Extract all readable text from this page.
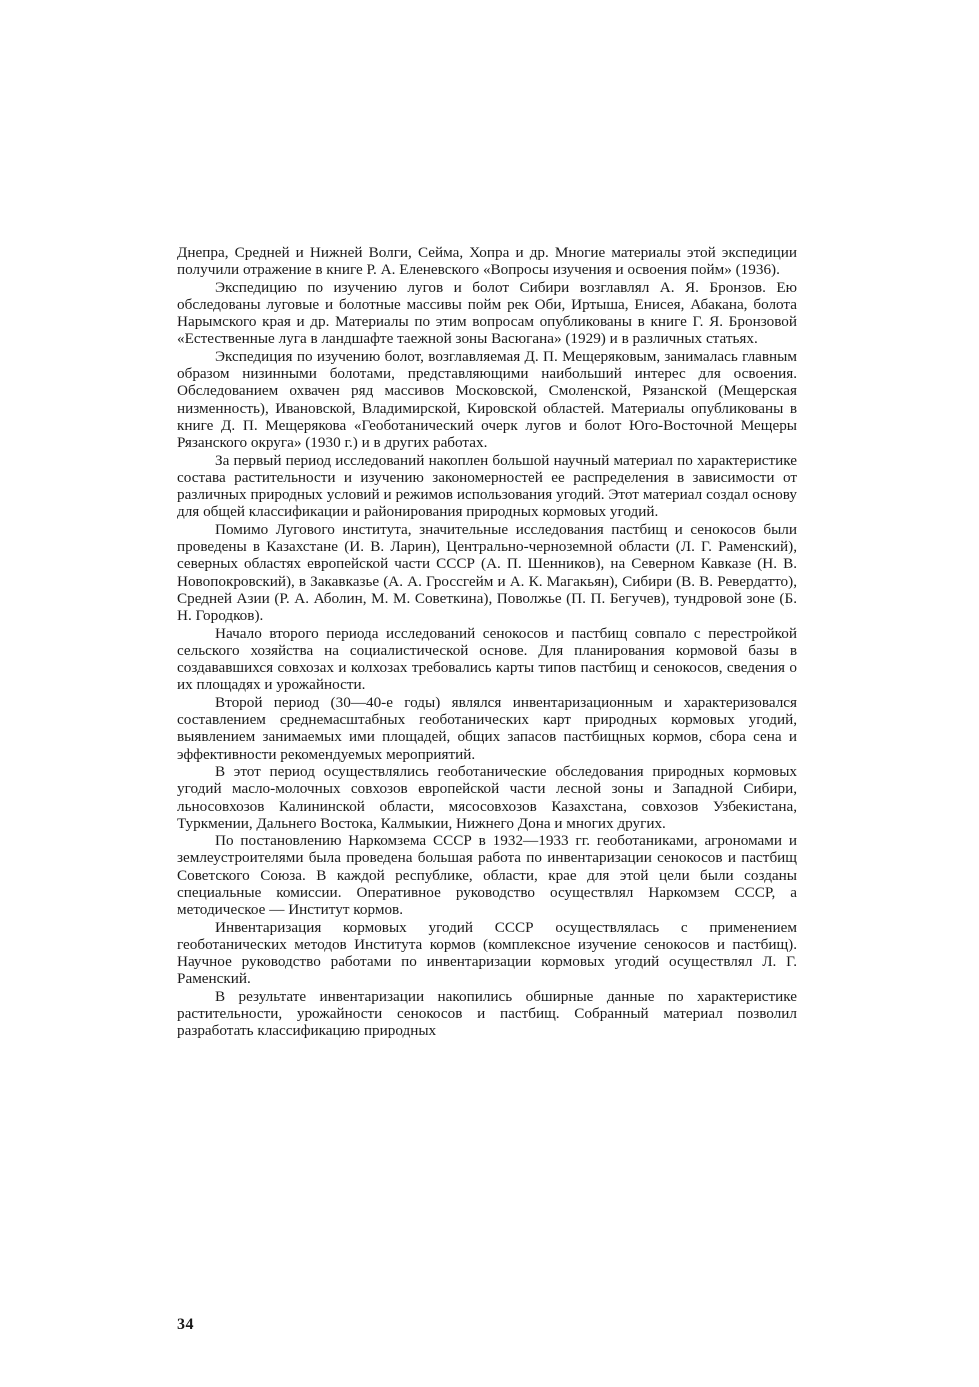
Днепра, Средней и Нижней Волги, Сейма, Хопра и др. Многие материалы этой экспедиции получили отражение в книге Р. А. Еленевского «Вопросы изучения и освоения пойм» (1936).

Экспедицию по изучению лугов и болот Сибири возглавлял А. Я. Бронзов. Ею обследованы луговые и болотные массивы пойм рек Оби, Иртыша, Енисея, Абакана, болота Нарымского края и др. Материалы по этим вопросам опубликованы в книге Г. Я. Бронзовой «Естественные луга в ландшафте таежной зоны Васюгана» (1929) и в различных статьях.

Экспедиция по изучению болот, возглавляемая Д. П. Мещеряковым, занималась главным образом низинными болотами, представляющими наибольший интерес для освоения. Обследованием охвачен ряд массивов Московской, Смоленской, Рязанской (Мещерская низменность), Ивановской, Владимирской, Кировской областей. Материалы опубликованы в книге Д. П. Мещерякова «Геоботанический очерк лугов и болот Юго-Восточной Мещеры Рязанского округа» (1930 г.) и в других работах.

За первый период исследований накоплен большой научный материал по характеристике состава растительности и изучению закономерностей ее распределения в зависимости от различных природных условий и режимов использования угодий. Этот материал создал основу для общей классификации и районирования природных кормовых угодий.

Помимо Лугового института, значительные исследования пастбищ и сенокосов были проведены в Казахстане (И. В. Ларин), Центрально-черноземной области (Л. Г. Раменский), северных областях европейской части СССР (А. П. Шенников), на Северном Кавказе (Н. В. Новопокровский), в Закавказье (А. А. Гроссгейм и А. К. Магакьян), Сибири (В. В. Ревердатто), Средней Азии (Р. А. Аболин, М. М. Советкина), Поволжье (П. П. Бегучев), тундровой зоне (Б. Н. Городков).

Начало второго периода исследований сенокосов и пастбищ совпало с перестройкой сельского хозяйства на социалистической основе. Для планирования кормовой базы в создававшихся совхозах и колхозах требовались карты типов пастбищ и сенокосов, сведения о их площадях и урожайности.

Второй период (30—40-е годы) являлся инвентаризационным и характеризовался составлением среднемасштабных геоботанических карт природных кормовых угодий, выявлением занимаемых ими площадей, общих запасов пастбищных кормов, сбора сена и эффективности рекомендуемых мероприятий.

В этот период осуществлялись геоботанические обследования природных кормовых угодий масло-молочных совхозов европейской части лесной зоны и Западной Сибири, льносовхозов Калининской области, мясосовхозов Казахстана, совхозов Узбекистана, Туркмении, Дальнего Востока, Калмыкии, Нижнего Дона и многих других.

По постановлению Наркомзема СССР в 1932—1933 гг. геоботаниками, агрономами и землеустроителями была проведена большая работа по инвентаризации сенокосов и пастбищ Советского Союза. В каждой республике, области, крае для этой цели были созданы специальные комиссии. Оперативное руководство осуществлял Наркомзем СССР, а методическое — Институт кормов.

Инвентаризация кормовых угодий СССР осуществлялась с применением геоботанических методов Института кормов (комплексное изучение сенокосов и пастбищ). Научное руководство работами по инвентаризации кормовых угодий осуществлял Л. Г. Раменский.

В результате инвентаризации накопились обширные данные по характеристике растительности, урожайности сенокосов и пастбищ. Собранный материал позволил разработать классификацию природных

34
